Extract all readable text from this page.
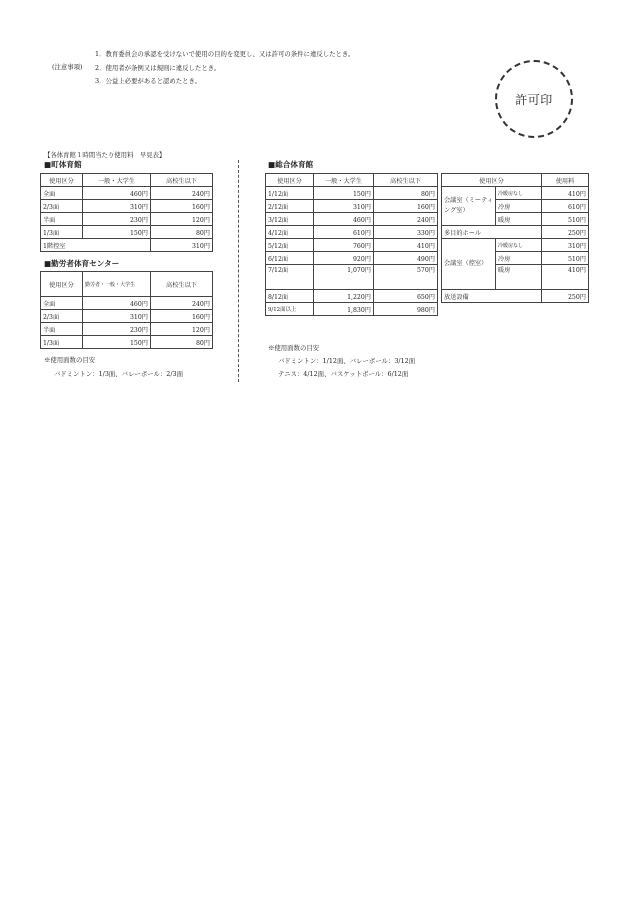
1．教育委員会の承認を受けないで使用の目的を変更し、又は許可の条件に違反したとき。
(注意事項) 2．使用者が条例又は規則に違反したとき。
3．公益上必要があると認めたとき。
許可印
【各体育館１時間当たり使用料　早見表】
■町体育館
使用区分	一般・大学生	高校生以下
全面	460円	240円
2/3面	310円	160円
半面	230円	120円
1/3面	150円	80円
1階控室		310円
■勤労者体育センター
使用区分	勤労者・一般・大学生	高校生以下
全面	460円	240円
2/3面	310円	160円
半面	230円	120円
1/3面	150円	80円
※使用面数の目安
バドミントン：1/3面、バレーボール：2/3面
■総合体育館
使用区分	一般・大学生	高校生以下
1/12面	150円	80円
2/12面	310円	160円
3/12面	460円	240円
4/12面	610円	330円
5/12面	760円	410円
6/12面	920円	490円
7/12面	1,070円	570円
8/12面	1,220円	650円
9/12面以上	1,830円	980円
使用区分		使用料
会議室（ミーティング室）	冷暖房なし	410円
	冷房	610円
	暖房	510円
多目的ホール		250円
会議室（控室）	冷暖房なし	310円
	冷房	510円
	暖房	410円
放送設備		250円
※使用面数の目安
バドミントン：1/12面、バレーボール：3/12面
テニス：4/12面、バスケットボール：6/12面
